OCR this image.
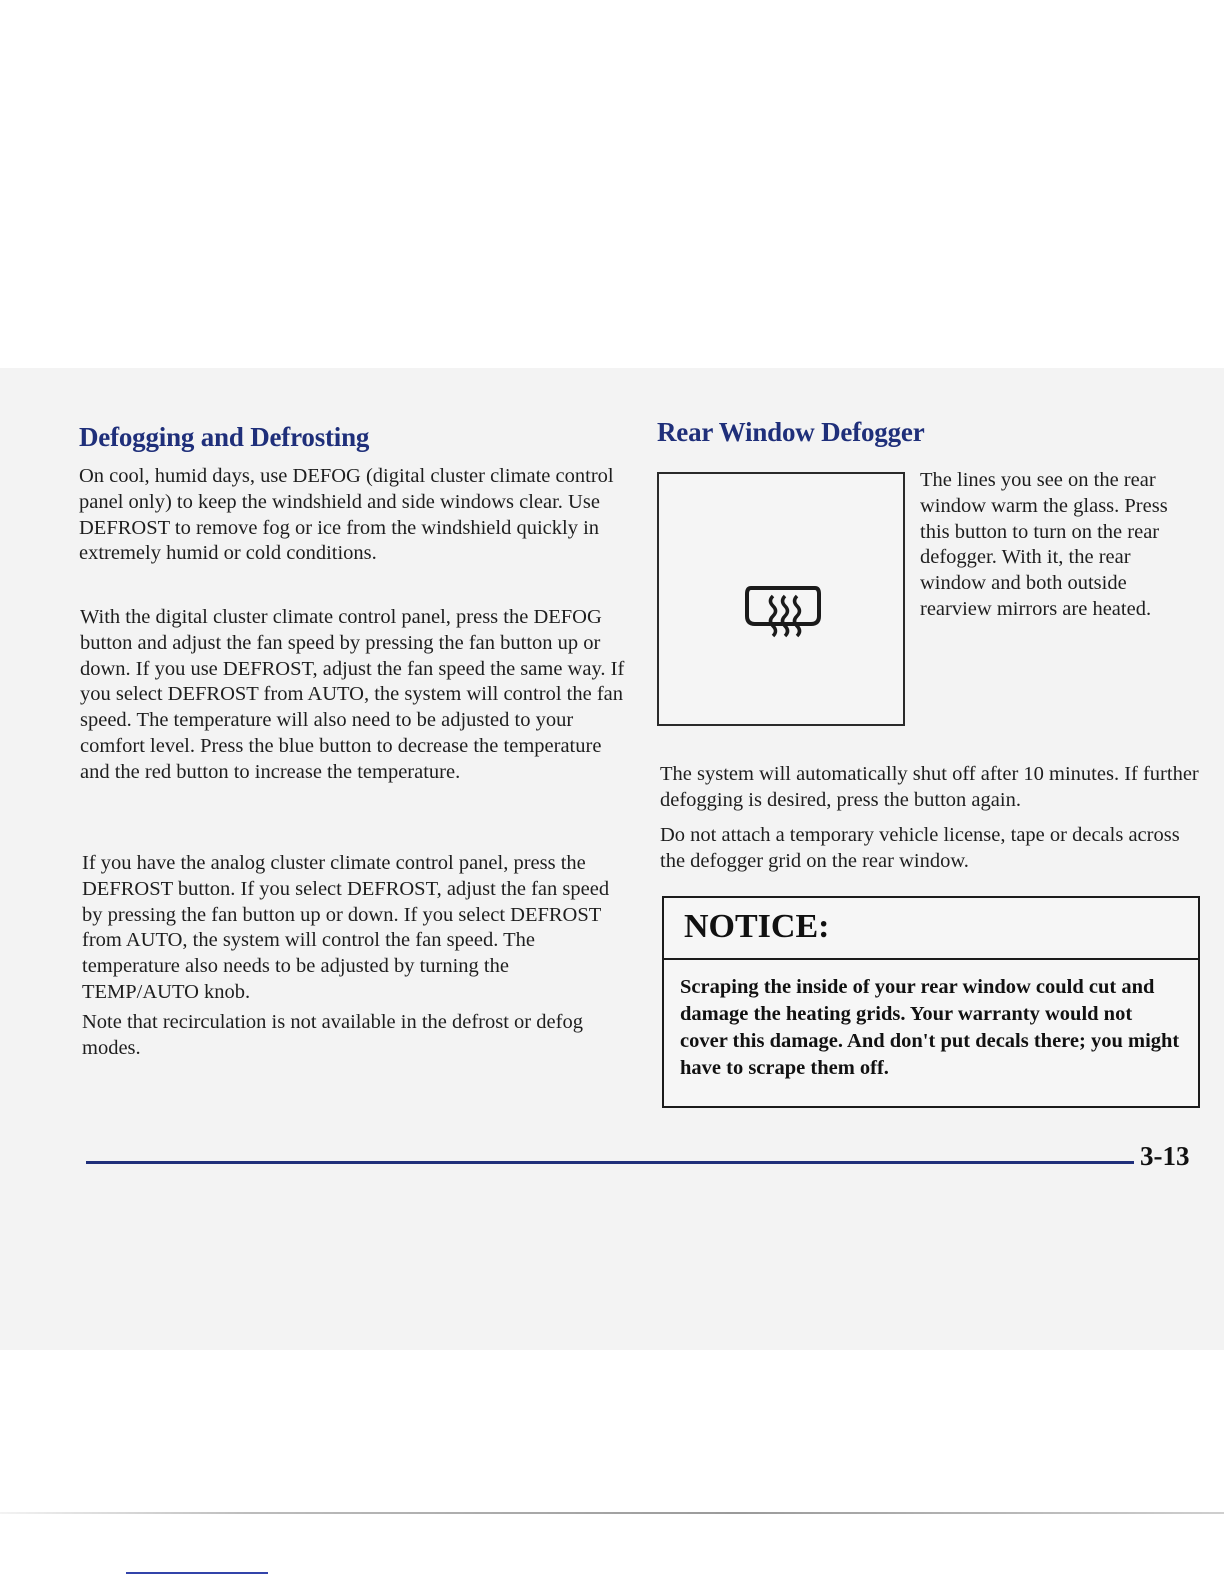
Defogging and Defrosting

On cool, humid days, use DEFOG (digital cluster climate control panel only) to keep the windshield and side windows clear. Use DEFROST to remove fog or ice from the windshield quickly in extremely humid or cold conditions.

With the digital cluster climate control panel, press the DEFOG button and adjust the fan speed by pressing the fan button up or down. If you use DEFROST, adjust the fan speed the same way. If you select DEFROST from AUTO, the system will control the fan speed. The temperature will also need to be adjusted to your comfort level. Press the blue button to decrease the temperature and the red button to increase the temperature.

If you have the analog cluster climate control panel, press the DEFROST button. If you select DEFROST, adjust the fan speed by pressing the fan button up or down. If you select DEFROST from AUTO, the system will control the fan speed. The temperature also needs to be adjusted by turning the TEMP/AUTO knob.

Note that recirculation is not available in the defrost or defog modes.

Rear Window Defogger

The lines you see on the rear window warm the glass. Press this button to turn on the rear defogger. With it, the rear window and both outside rearview mirrors are heated.

The system will automatically shut off after 10 minutes. If further defogging is desired, press the button again.

Do not attach a temporary vehicle license, tape or decals across the defogger grid on the rear window.

NOTICE:

Scraping the inside of your rear window could cut and damage the heating grids. Your warranty would not cover this damage. And don't put decals there; you might have to scrape them off.

3-13
